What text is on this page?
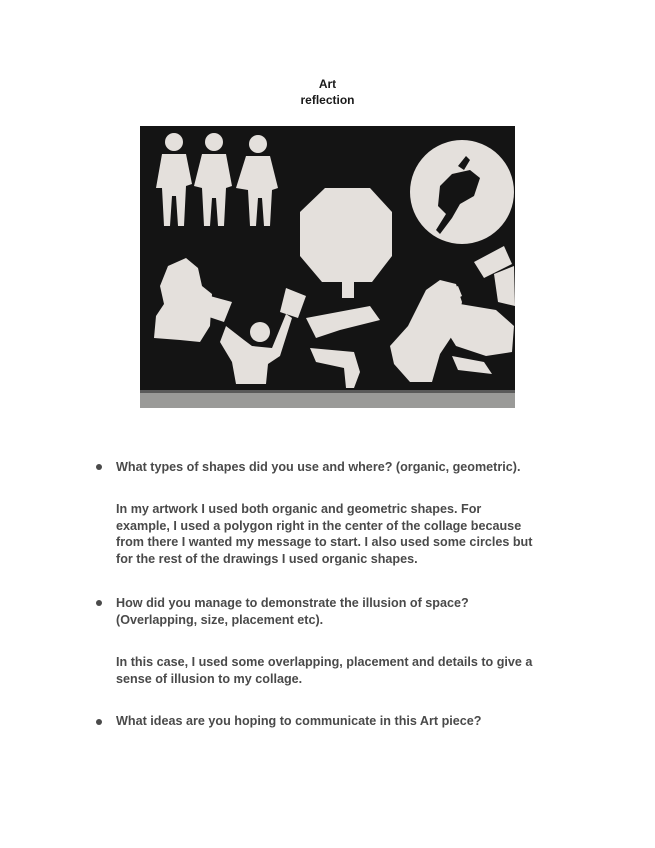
Art
reflection
What types of shapes did you use and where? (organic, geometric).
In my artwork I used both organic and geometric shapes. For
example, I used a polygon right in the center of the collage because
from there I wanted my message to start. I also used some circles but
for the rest of the drawings I used organic shapes.
How did you manage to demonstrate the illusion of space?
(Overlapping, size, placement etc).
In this case, I used some overlapping, placement and details to give a
sense of illusion to my collage.
What ideas are you hoping to communicate in this Art piece?
